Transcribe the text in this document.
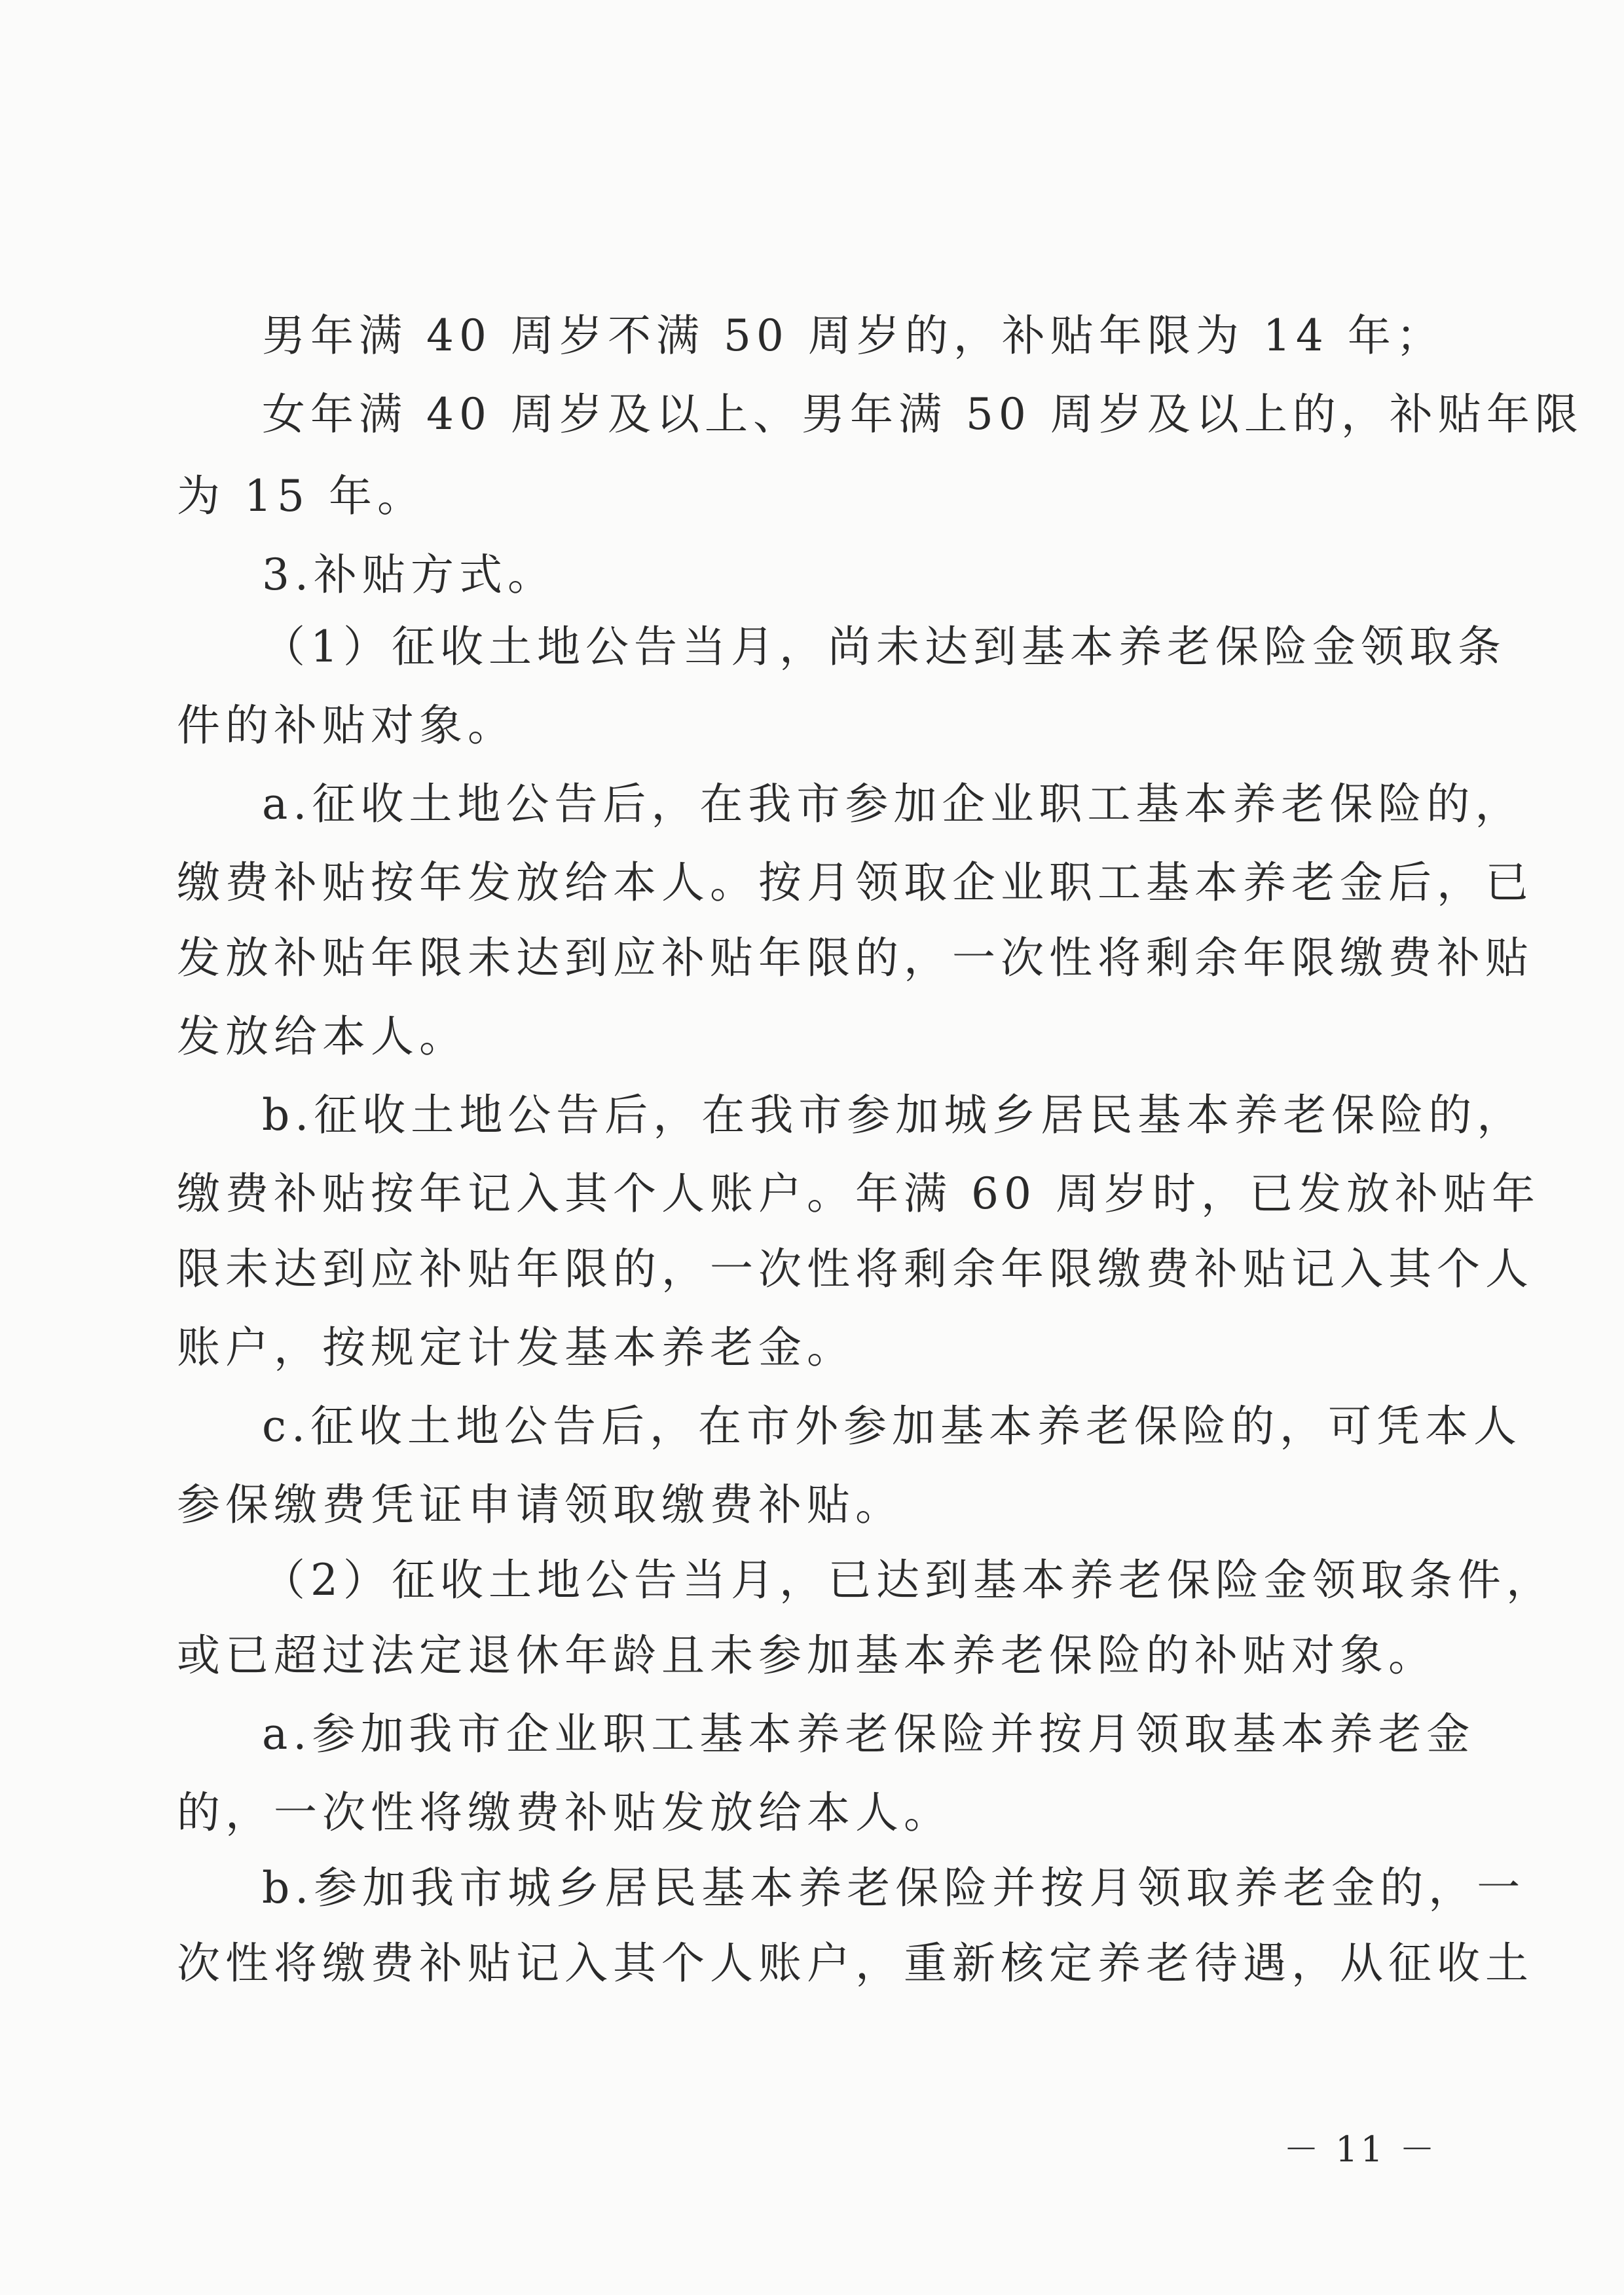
男年满 40 周岁不满 50 周岁的，补贴年限为 14 年；
女年满 40 周岁及以上、男年满 50 周岁及以上的，补贴年限
为 15 年。
3.补贴方式。
（1）征收土地公告当月，尚未达到基本养老保险金领取条
件的补贴对象。
a.征收土地公告后，在我市参加企业职工基本养老保险的，
缴费补贴按年发放给本人。按月领取企业职工基本养老金后，已
发放补贴年限未达到应补贴年限的，一次性将剩余年限缴费补贴
发放给本人。
b.征收土地公告后，在我市参加城乡居民基本养老保险的，
缴费补贴按年记入其个人账户。年满 60 周岁时，已发放补贴年
限未达到应补贴年限的，一次性将剩余年限缴费补贴记入其个人
账户，按规定计发基本养老金。
c.征收土地公告后，在市外参加基本养老保险的，可凭本人
参保缴费凭证申请领取缴费补贴。
（2）征收土地公告当月，已达到基本养老保险金领取条件，
或已超过法定退休年龄且未参加基本养老保险的补贴对象。
a.参加我市企业职工基本养老保险并按月领取基本养老金
的，一次性将缴费补贴发放给本人。
b.参加我市城乡居民基本养老保险并按月领取养老金的，一
次性将缴费补贴记入其个人账户，重新核定养老待遇，从征收土
－ 11 －
